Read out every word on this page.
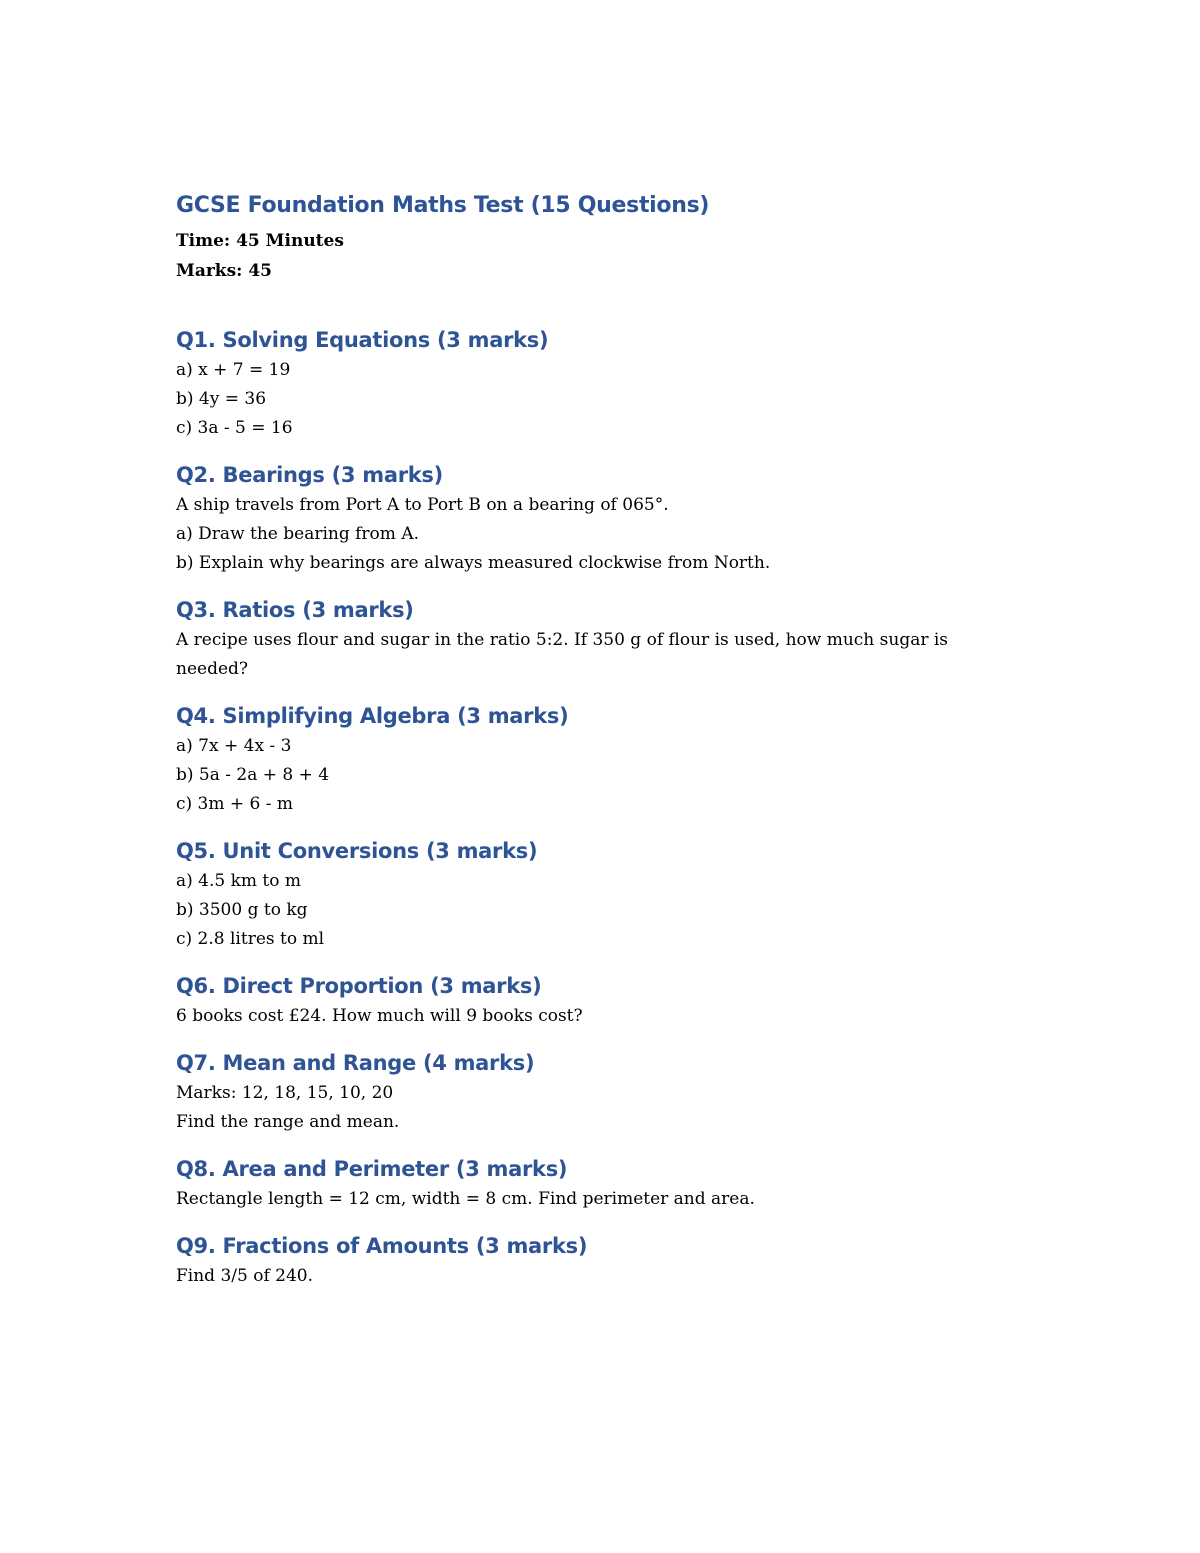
GCSE Foundation Maths Test (15 Questions)

Time: 45 Minutes

Marks: 45

Q1. Solving Equations (3 marks)

a) x + 7 = 19

b) 4y = 36

c) 3a - 5 = 16

Q2. Bearings (3 marks)

A ship travels from Port A to Port B on a bearing of 065°.

a) Draw the bearing from A.

b) Explain why bearings are always measured clockwise from North.

Q3. Ratios (3 marks)

A recipe uses flour and sugar in the ratio 5:2. If 350 g of flour is used, how much sugar is

needed?

Q4. Simplifying Algebra (3 marks)

a) 7x + 4x - 3

b) 5a - 2a + 8 + 4

c) 3m + 6 - m

Q5. Unit Conversions (3 marks)

a) 4.5 km to m

b) 3500 g to kg

c) 2.8 litres to ml

Q6. Direct Proportion (3 marks)

6 books cost £24. How much will 9 books cost?

Q7. Mean and Range (4 marks)

Marks: 12, 18, 15, 10, 20

Find the range and mean.

Q8. Area and Perimeter (3 marks)

Rectangle length = 12 cm, width = 8 cm. Find perimeter and area.

Q9. Fractions of Amounts (3 marks)

Find 3/5 of 240.
